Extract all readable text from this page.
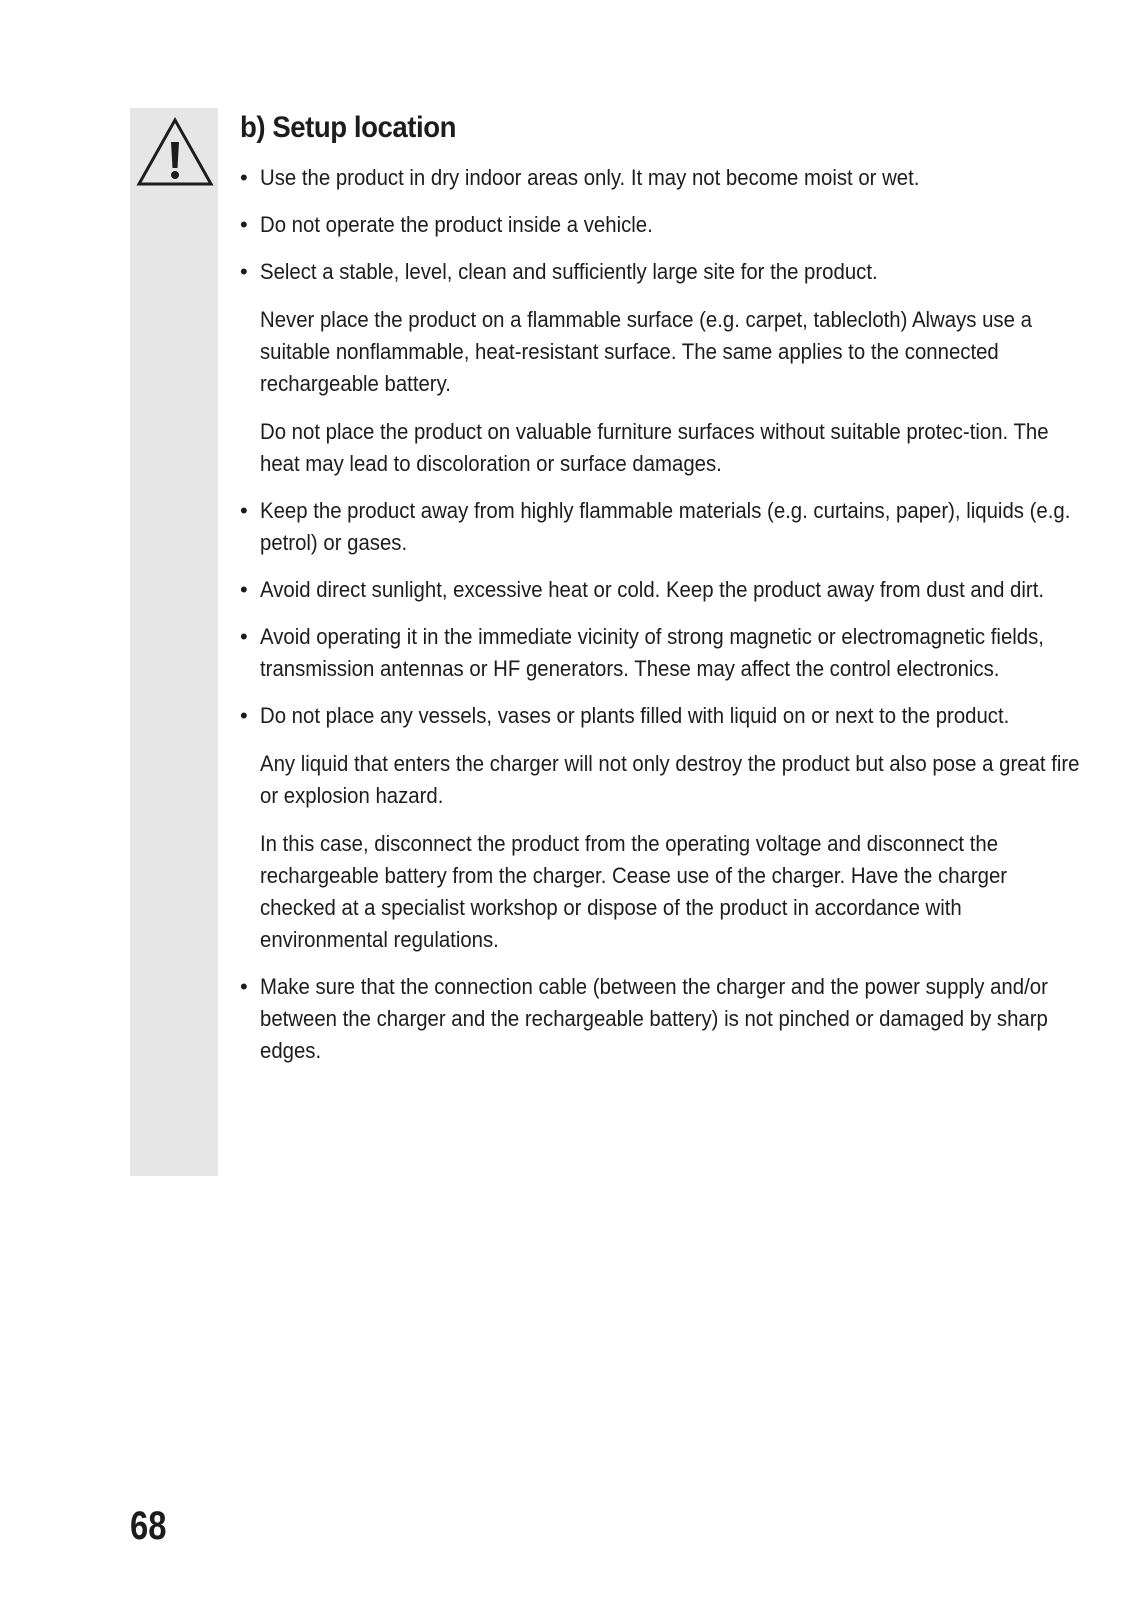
b) Setup location
• Use the product in dry indoor areas only. It may not become moist or wet.

• Do not operate the product inside a vehicle.

• Select a stable, level, clean and sufficiently large site for the product.

Never place the product on a flammable surface (e.g. carpet, tablecloth) Always use a suitable nonflammable, heat-resistant surface. The same applies to the connected rechargeable battery.

Do not place the product on valuable furniture surfaces without suitable protec-tion. The heat may lead to discoloration or surface damages.

• Keep the product away from highly flammable materials (e.g. curtains, paper), liquids (e.g. petrol) or gases.

• Avoid direct sunlight, excessive heat or cold. Keep the product away from dust and dirt.

• Avoid operating it in the immediate vicinity of strong magnetic or electromagnetic fields, transmission antennas or HF generators. These may affect the control electronics.

• Do not place any vessels, vases or plants filled with liquid on or next to the product.

Any liquid that enters the charger will not only destroy the product but also pose a great fire or explosion hazard.

In this case, disconnect the product from the operating voltage and disconnect the rechargeable battery from the charger. Cease use of the charger. Have the charger checked at a specialist workshop or dispose of the product in accordance with environmental regulations.

• Make sure that the connection cable (between the charger and the power supply and/or between the charger and the rechargeable battery) is not pinched or damaged by sharp edges.

68
